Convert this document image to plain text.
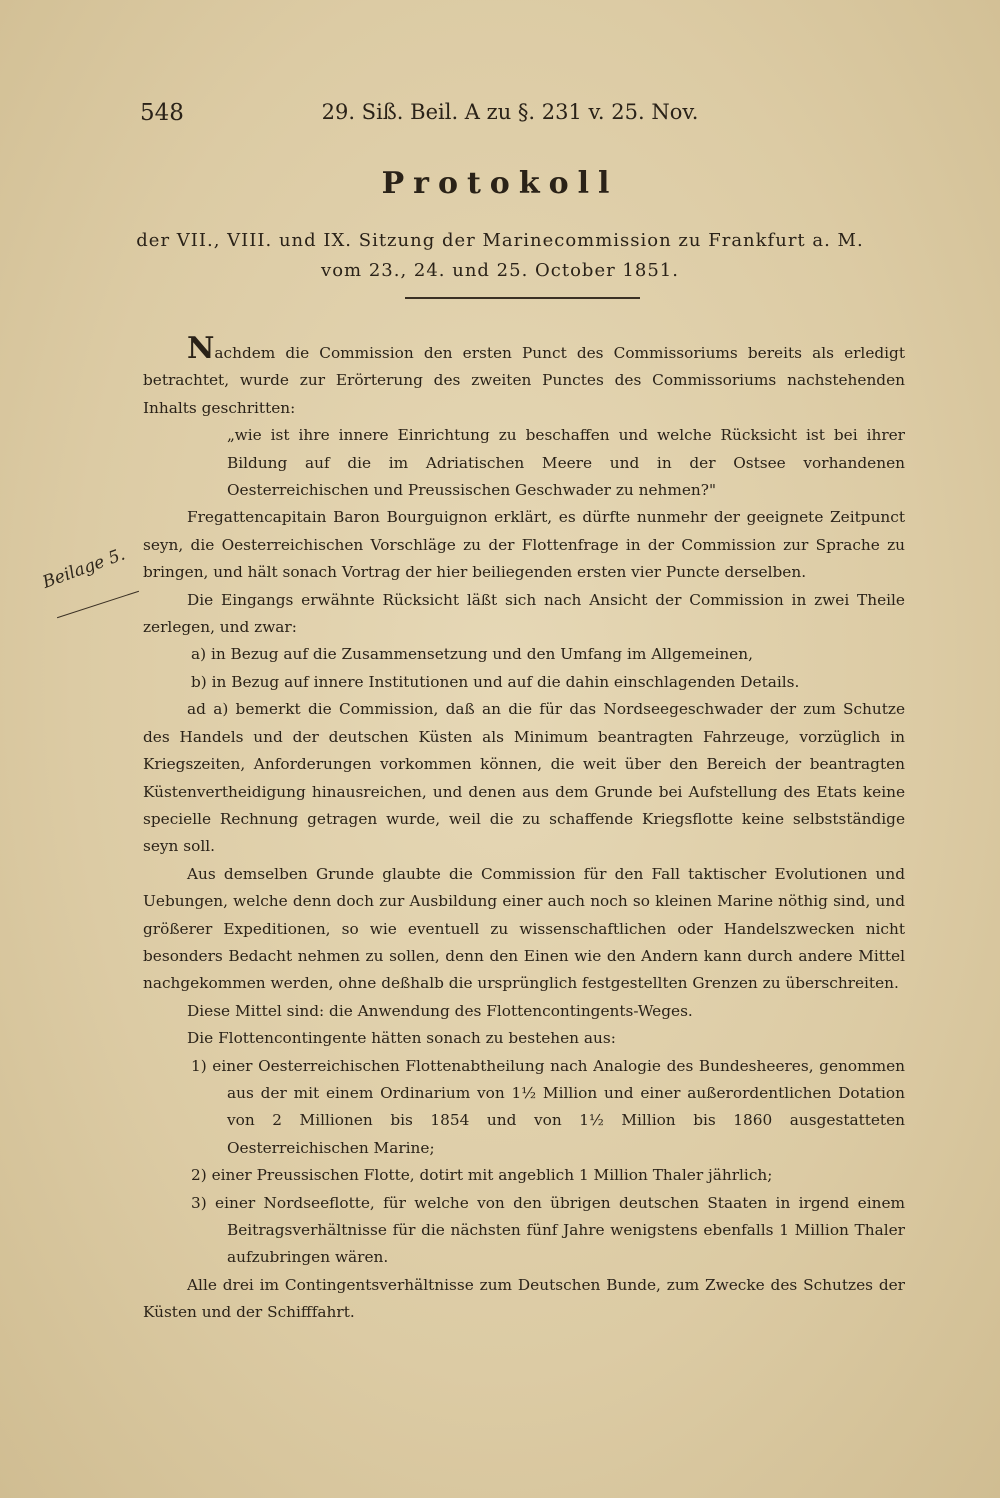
548	29. Siß. Beil. A zu §. 231 v. 25. Nov.
Protokoll
der VII., VIII. und IX. Sitzung der Marinecommission zu Frankfurt a. M.
vom 23., 24. und 25. October 1851.
Beilage 5.

Nachdem die Commission den ersten Punct des Commissoriums bereits als erledigt betrachtet, wurde zur Erörterung des zweiten Punctes des Commissoriums nachstehenden Inhalts geschritten:

„wie ist ihre innere Einrichtung zu beschaffen und welche Rücksicht ist bei ihrer Bildung auf die im Adriatischen Meere und in der Ostsee vorhandenen Oesterreichischen und Preussischen Geschwader zu nehmen?"

Fregattencapitain Baron Bourguignon erklärt, es dürfte nunmehr der geeignete Zeitpunct seyn, die Oesterreichischen Vorschläge zu der Flottenfrage in der Commission zur Sprache zu bringen, und hält sonach Vortrag der hier beiliegenden ersten vier Puncte derselben.

Die Eingangs erwähnte Rücksicht läßt sich nach Ansicht der Commission in zwei Theile zerlegen, und zwar:

a) in Bezug auf die Zusammensetzung und den Umfang im Allgemeinen,

b) in Bezug auf innere Institutionen und auf die dahin einschlagenden Details.

ad a) bemerkt die Commission, daß an die für das Nordseegeschwader der zum Schutze des Handels und der deutschen Küsten als Minimum beantragten Fahrzeuge, vorzüglich in Kriegszeiten, Anforderungen vorkommen können, die weit über den Bereich der beantragten Küstenvertheidigung hinausreichen, und denen aus dem Grunde bei Aufstellung des Etats keine specielle Rechnung getragen wurde, weil die zu schaffende Kriegsflotte keine selbstständige seyn soll.

Aus demselben Grunde glaubte die Commission für den Fall taktischer Evolutionen und Uebungen, welche denn doch zur Ausbildung einer auch noch so kleinen Marine nöthig sind, und größerer Expeditionen, so wie eventuell zu wissenschaftlichen oder Handelszwecken nicht besonders Bedacht nehmen zu sollen, denn den Einen wie den Andern kann durch andere Mittel nachgekommen werden, ohne deßhalb die ursprünglich festgestellten Grenzen zu überschreiten.

Diese Mittel sind: die Anwendung des Flottencontingents-Weges.

Die Flottencontingente hätten sonach zu bestehen aus:

1) einer Oesterreichischen Flottenabtheilung nach Analogie des Bundesheeres, genommen aus der mit einem Ordinarium von 1½ Million und einer außerordentlichen Dotation von 2 Millionen bis 1854 und von 1½ Million bis 1860 ausgestatteten Oesterreichischen Marine;

2) einer Preussischen Flotte, dotirt mit angeblich 1 Million Thaler jährlich;

3) einer Nordseeflotte, für welche von den übrigen deutschen Staaten in irgend einem Beitragsverhältnisse für die nächsten fünf Jahre wenigstens ebenfalls 1 Million Thaler aufzubringen wären.

Alle drei im Contingentsverhältnisse zum Deutschen Bunde, zum Zwecke des Schutzes der Küsten und der Schifffahrt.
